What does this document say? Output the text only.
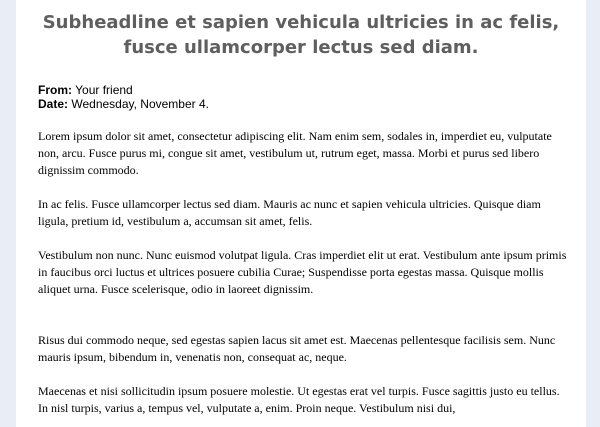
Subheadline et sapien vehicula ultricies in ac felis, fusce ullamcorper lectus sed diam.
From: Your friend
Date: Wednesday, November 4.

Lorem ipsum dolor sit amet, consectetur adipiscing elit. Nam enim sem, sodales in, imperdiet eu, vulputate non, arcu. Fusce purus mi, congue sit amet, vestibulum ut, rutrum eget, massa. Morbi et purus sed libero dignissim commodo.

In ac felis. Fusce ullamcorper lectus sed diam. Mauris ac nunc et sapien vehicula ultricies. Quisque diam ligula, pretium id, vestibulum a, accumsan sit amet, felis.

Vestibulum non nunc. Nunc euismod volutpat ligula. Cras imperdiet elit ut erat. Vestibulum ante ipsum primis in faucibus orci luctus et ultrices posuere cubilia Curae; Suspendisse porta egestas massa. Quisque mollis aliquet urna. Fusce scelerisque, odio in laoreet dignissim.

Risus dui commodo neque, sed egestas sapien lacus sit amet est. Maecenas pellentesque facilisis sem. Nunc mauris ipsum, bibendum in, venenatis non, consequat ac, neque.

Maecenas et nisi sollicitudin ipsum posuere molestie. Ut egestas erat vel turpis. Fusce sagittis justo eu tellus. In nisl turpis, varius a, tempus vel, vulputate a, enim. Proin neque. Vestibulum nisi dui,
